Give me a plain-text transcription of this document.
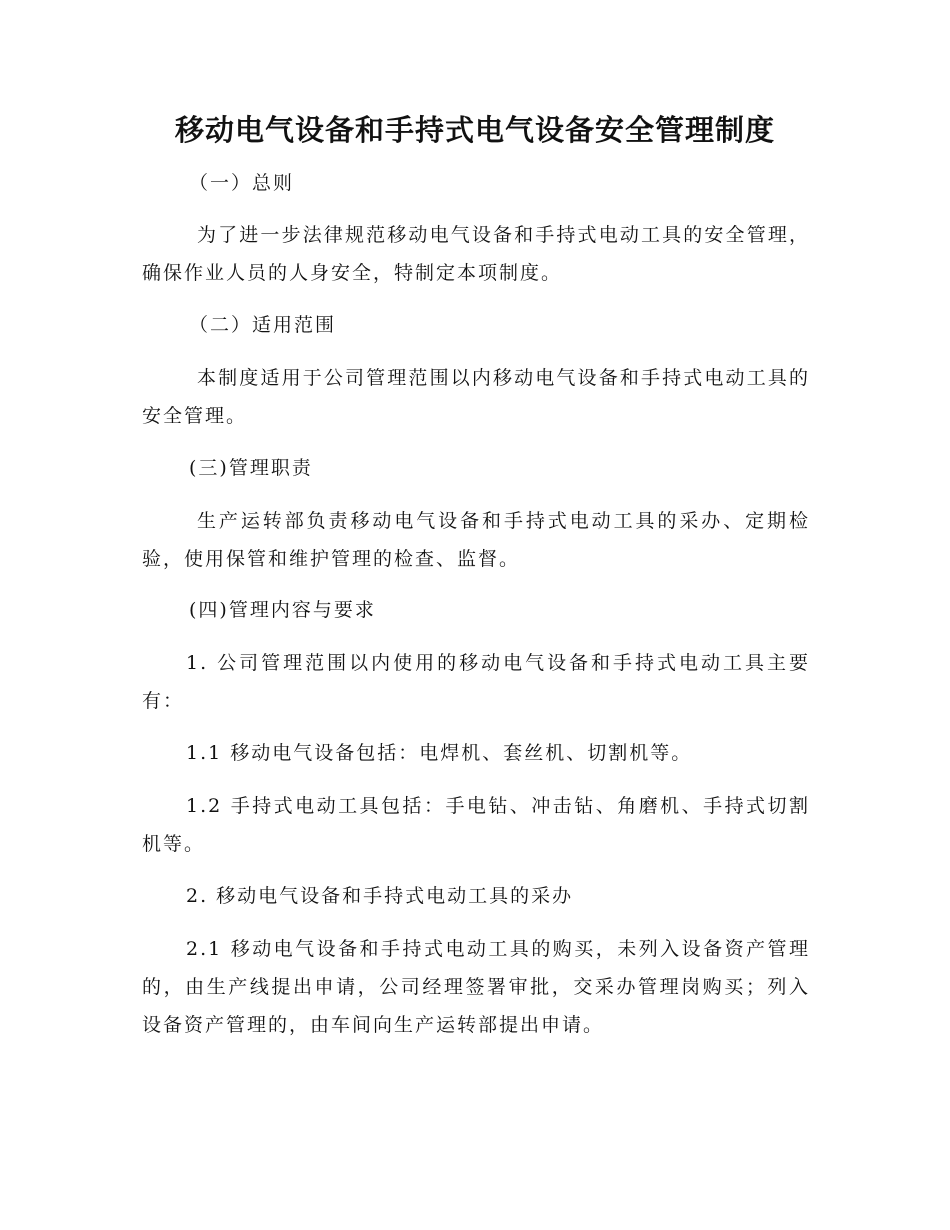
移动电气设备和手持式电气设备安全管理制度

（一）总则

为了进一步法律规范移动电气设备和手持式电动工具的安全管理，确保作业人员的人身安全，特制定本项制度。

（二）适用范围

本制度适用于公司管理范围以内移动电气设备和手持式电动工具的安全管理。

(三)管理职责

生产运转部负责移动电气设备和手持式电动工具的采办、定期检验，使用保管和维护管理的检查、监督。

(四)管理内容与要求

1. 公司管理范围以内使用的移动电气设备和手持式电动工具主要有：

1.1 移动电气设备包括：电焊机、套丝机、切割机等。

1.2 手持式电动工具包括：手电钻、冲击钻、角磨机、手持式切割机等。

2. 移动电气设备和手持式电动工具的采办

2.1 移动电气设备和手持式电动工具的购买，未列入设备资产管理的，由生产线提出申请，公司经理签署审批，交采办管理岗购买；列入设备资产管理的，由车间向生产运转部提出申请。
